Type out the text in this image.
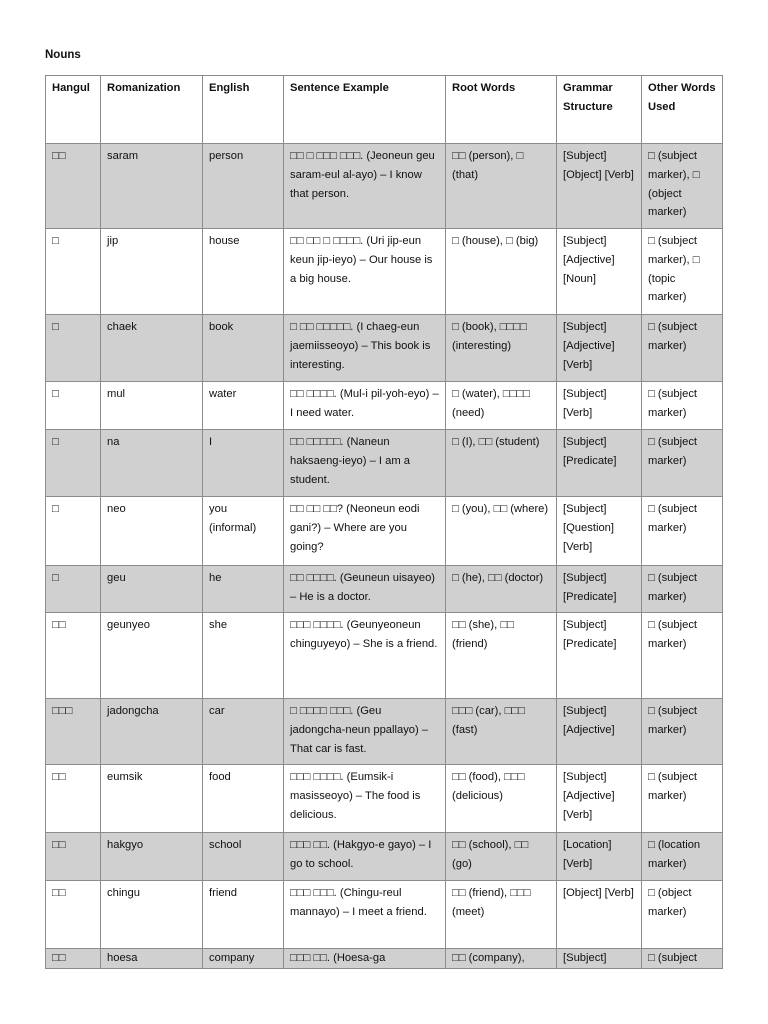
Nouns
Hangul	Romanization	English	Sentence Example	Root Words	Grammar Structure	Other Words Used
□□	saram	person	□□ □ □□□ □□□. (Jeoneun geu saram-eul al-ayo) – I know that person.	□□ (person), □ (that)	[Subject] [Object] [Verb]	□ (subject marker), □ (object marker)
□	jip	house	□□ □□ □ □□□□. (Uri jip-eun keun jip-ieyo) – Our house is a big house.	□ (house), □ (big)	[Subject] [Adjective] [Noun]	□ (subject marker), □ (topic marker)
□	chaek	book	□ □□ □□□□□. (I chaeg-eun jaemiisseoyo) – This book is interesting.	□ (book), □□□□ (interesting)	[Subject] [Adjective] [Verb]	□ (subject marker)
□	mul	water	□□ □□□□. (Mul-i pil-yoh-eyo) – I need water.	□ (water), □□□□ (need)	[Subject] [Verb]	□ (subject marker)
□	na	I	□□ □□□□□. (Naneun haksaeng-ieyo) – I am a student.	□ (I), □□ (student)	[Subject] [Predicate]	□ (subject marker)
□	neo	you (informal)	□□ □□ □□? (Neoneun eodi gani?) – Where are you going?	□ (you), □□ (where)	[Subject] [Question] [Verb]	□ (subject marker)
□	geu	he	□□ □□□□. (Geuneun uisayeo) – He is a doctor.	□ (he), □□ (doctor)	[Subject] [Predicate]	□ (subject marker)
□□	geunyeo	she	□□□ □□□□. (Geunyeoneun chinguyeyo) – She is a friend.	□□ (she), □□ (friend)	[Subject] [Predicate]	□ (subject marker)
□□□	jadongcha	car	□ □□□□ □□□. (Geu jadongcha-neun ppallayo) – That car is fast.	□□□ (car), □□□ (fast)	[Subject] [Adjective]	□ (subject marker)
□□	eumsik	food	□□□ □□□□. (Eumsik-i masisseoyo) – The food is delicious.	□□ (food), □□□ (delicious)	[Subject] [Adjective] [Verb]	□ (subject marker)
□□	hakgyo	school	□□□ □□. (Hakgyo-e gayo) – I go to school.	□□ (school), □□ (go)	[Location] [Verb]	□ (location marker)
□□	chingu	friend	□□□ □□□. (Chingu-reul mannayo) – I meet a friend.	□□ (friend), □□□ (meet)	[Object] [Verb]	□ (object marker)
□□	hoesa	company	□□□ □□. (Hoesa-ga	□□ (company),	[Subject]	□ (subject
